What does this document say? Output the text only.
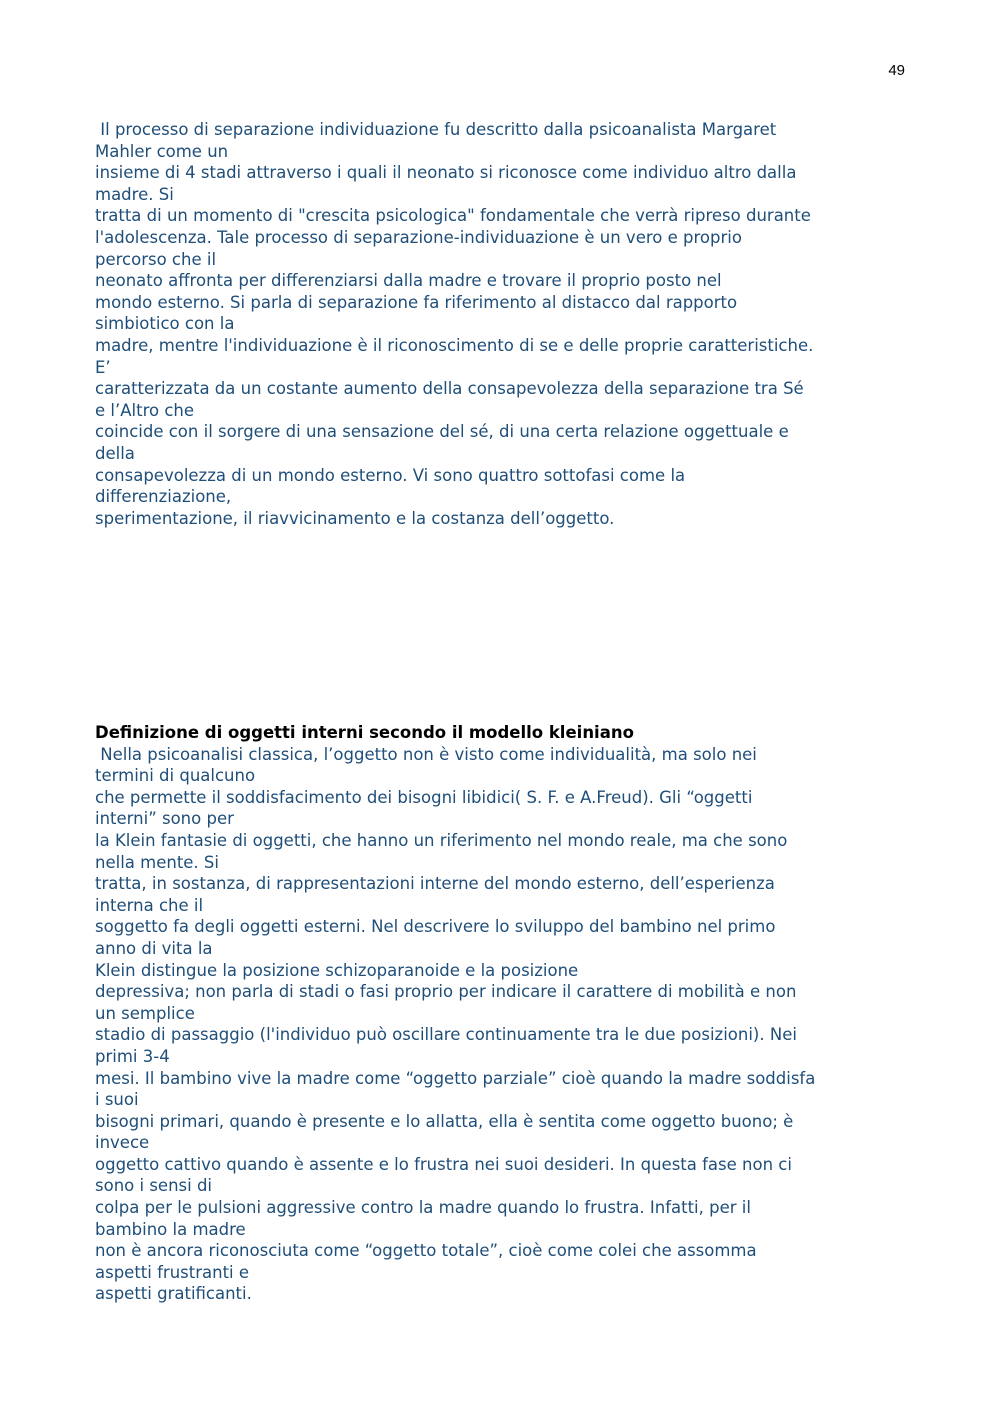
49
Il processo di separazione individuazione fu descritto dalla psicoanalista Margaret
Mahler come un
insieme di 4 stadi attraverso i quali il neonato si riconosce come individuo altro dalla
madre. Si
tratta di un momento di "crescita psicologica" fondamentale che verrà ripreso durante
l'adolescenza. Tale processo di separazione-individuazione è un vero e proprio
percorso che il
neonato affronta per differenziarsi dalla madre e trovare il proprio posto nel
mondo esterno. Si parla di separazione fa riferimento al distacco dal rapporto
simbiotico con la
madre, mentre l'individuazione è il riconoscimento di se e delle proprie caratteristiche.
E’
caratterizzata da un costante aumento della consapevolezza della separazione tra Sé
e l’Altro che
coincide con il sorgere di una sensazione del sé, di una certa relazione oggettuale e
della
consapevolezza di un mondo esterno. Vi sono quattro sottofasi come la
differenziazione,
sperimentazione, il riavvicinamento e la costanza dell’oggetto.
Definizione di oggetti interni secondo il modello kleiniano
Nella psicoanalisi classica, l’oggetto non è visto come individualità, ma solo nei
termini di qualcuno
che permette il soddisfacimento dei bisogni libidici( S. F. e A.Freud). Gli “oggetti
interni” sono per
la Klein fantasie di oggetti, che hanno un riferimento nel mondo reale, ma che sono
nella mente. Si
tratta, in sostanza, di rappresentazioni interne del mondo esterno, dell’esperienza
interna che il
soggetto fa degli oggetti esterni. Nel descrivere lo sviluppo del bambino nel primo
anno di vita la
Klein distingue la posizione schizoparanoide e la posizione
depressiva; non parla di stadi o fasi proprio per indicare il carattere di mobilità e non
un semplice
stadio di passaggio (l'individuo può oscillare continuamente tra le due posizioni). Nei
primi 3-4
mesi. Il bambino vive la madre come “oggetto parziale” cioè quando la madre soddisfa
i suoi
bisogni primari, quando è presente e lo allatta, ella è sentita come oggetto buono; è
invece
oggetto cattivo quando è assente e lo frustra nei suoi desideri. In questa fase non ci
sono i sensi di
colpa per le pulsioni aggressive contro la madre quando lo frustra. Infatti, per il
bambino la madre
non è ancora riconosciuta come “oggetto totale”, cioè come colei che assomma
aspetti frustranti e
aspetti gratificanti.
